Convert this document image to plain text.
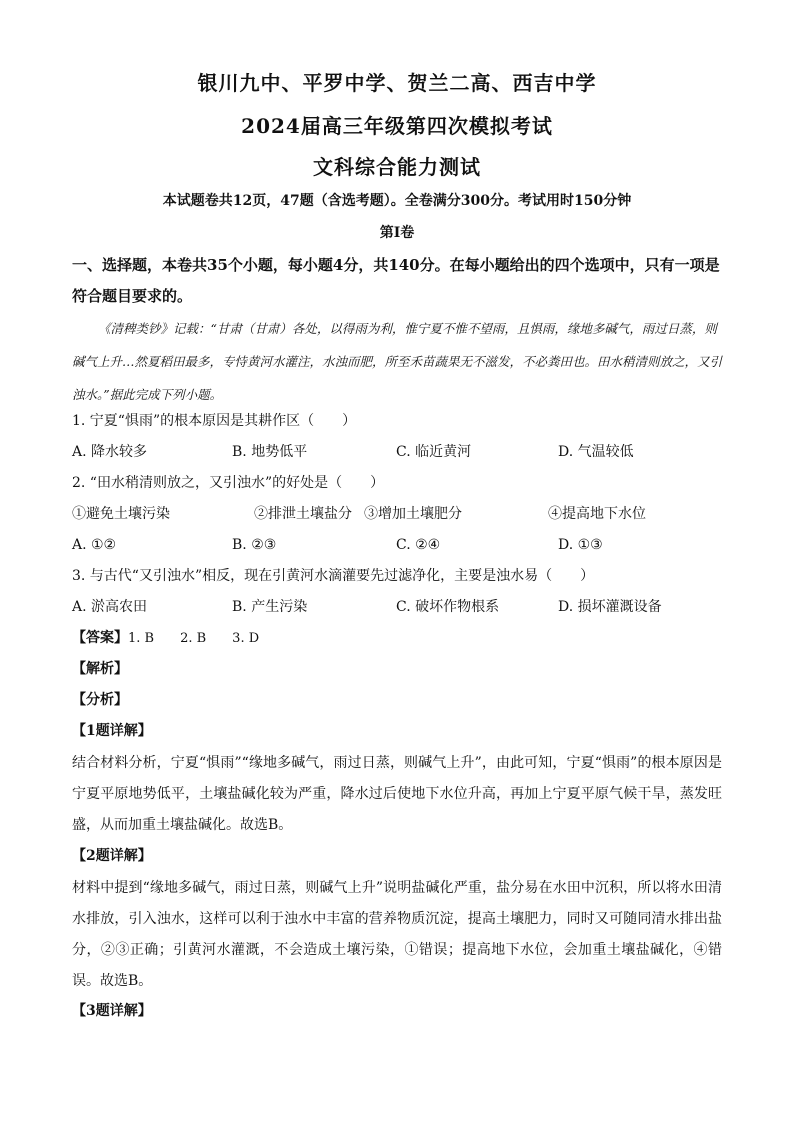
银川九中、平罗中学、贺兰二高、西吉中学
2024届高三年级第四次模拟考试
文科综合能力测试
本试题卷共12页，47题（含选考题）。全卷满分300分。考试用时150分钟
第Ⅰ卷
一、选择题，本卷共35个小题，每小题4分，共140分。在每小题给出的四个选项中，只有一项是符合题目要求的。
《清稗类钞》记载：“甘肃（甘肃）各处，以得雨为利，惟宁夏不惟不望雨，且惧雨，缘地多碱气，雨过日蒸，则碱气上升…然夏稻田最多，专恃黄河水灌注，水浊而肥，所至禾苗蔬果无不滋发，不必粪田也。田水稍清则放之，又引浊水。”据此完成下列小题。
1. 宁夏“惧雨”的根本原因是其耕作区（　　）
A. 降水较多	B. 地势低平	C. 临近黄河	D. 气温较低
2. “田水稍清则放之，又引浊水”的好处是（　　）
①避免土壤污染	②排泄土壤盐分 ③增加土壤肥分	④提高地下水位
A. ①②	B. ②③	C. ②④	D. ①③
3. 与古代“又引浊水”相反，现在引黄河水滴灌要先过滤净化，主要是浊水易（　　）
A. 淤高农田	B. 产生污染	C. 破坏作物根系	D. 损坏灌溉设备
【答案】1. B　　2. B　　3. D
【解析】
【分析】
【1题详解】
结合材料分析，宁夏“惧雨”“缘地多碱气，雨过日蒸，则碱气上升”，由此可知，宁夏“惧雨”的根本原因是宁夏平原地势低平，土壤盐碱化较为严重，降水过后使地下水位升高，再加上宁夏平原气候干旱，蒸发旺盛，从而加重土壤盐碱化。故选B。
【2题详解】
材料中提到“缘地多碱气，雨过日蒸，则碱气上升”说明盐碱化严重，盐分易在水田中沉积，所以将水田清水排放，引入浊水，这样可以利于浊水中丰富的营养物质沉淀，提高土壤肥力，同时又可随同清水排出盐分，②③正确；引黄河水灌溉，不会造成土壤污染，①错误；提高地下水位，会加重土壤盐碱化，④错误。故选B。
【3题详解】
